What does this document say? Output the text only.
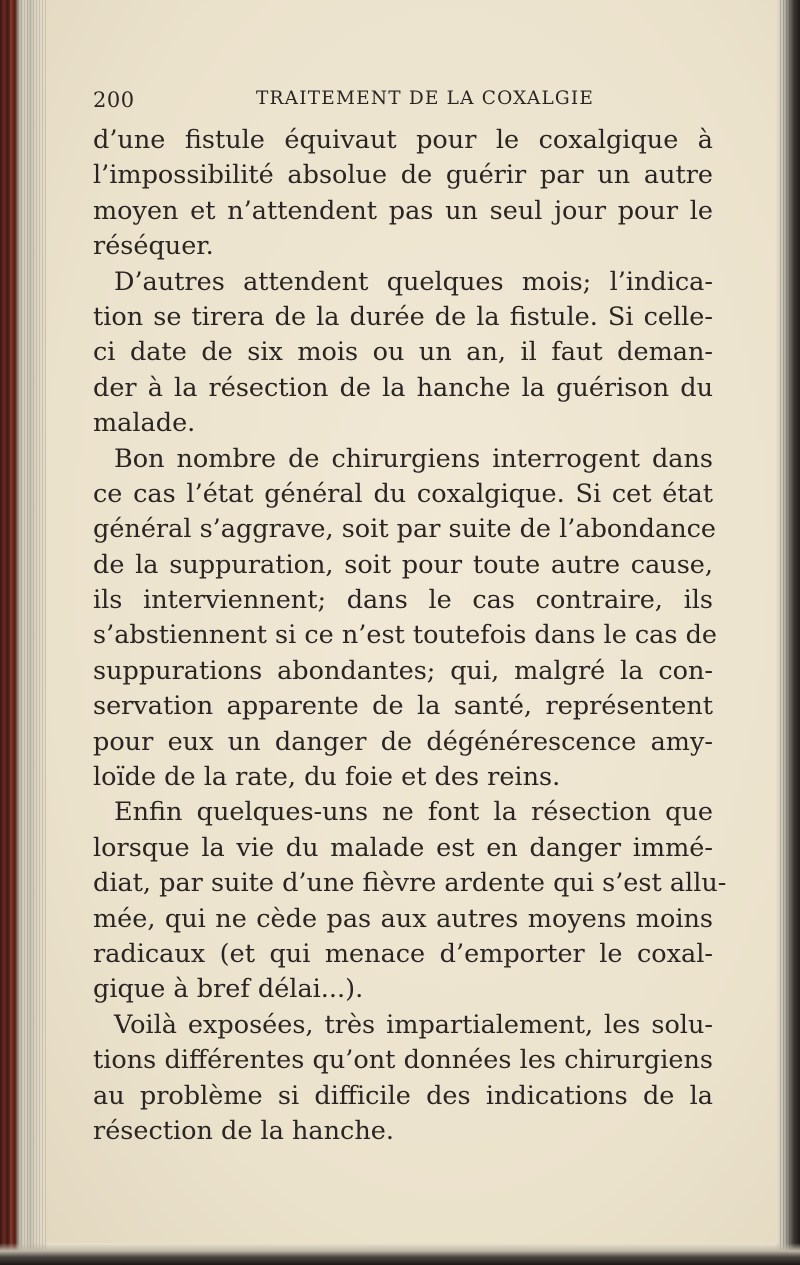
200	TRAITEMENT DE LA COXALGIE

d’une fistule équivaut pour le coxalgique à
l’impossibilité absolue de guérir par un autre
moyen et n’attendent pas un seul jour pour le
réséquer.

D’autres attendent quelques mois; l’indica-
tion se tirera de la durée de la fistule. Si celle-
ci date de six mois ou un an, il faut deman-
der à la résection de la hanche la guérison du
malade.

Bon nombre de chirurgiens interrogent dans
ce cas l’état général du coxalgique. Si cet état
général s’aggrave, soit par suite de l’abondance
de la suppuration, soit pour toute autre cause,
ils interviennent; dans le cas contraire, ils
s’abstiennent si ce n’est toutefois dans le cas de
suppurations abondantes; qui, malgré la con-
servation apparente de la santé, représentent
pour eux un danger de dégénérescence amy-
loïde de la rate, du foie et des reins.

Enfin quelques-uns ne font la résection que
lorsque la vie du malade est en danger immé-
diat, par suite d’une fièvre ardente qui s’est allu-
mée, qui ne cède pas aux autres moyens moins
radicaux (et qui menace d’emporter le coxal-
gique à bref délai...).

Voilà exposées, très impartialement, les solu-
tions différentes qu’ont données les chirurgiens
au problème si difficile des indications de la
résection de la hanche.
